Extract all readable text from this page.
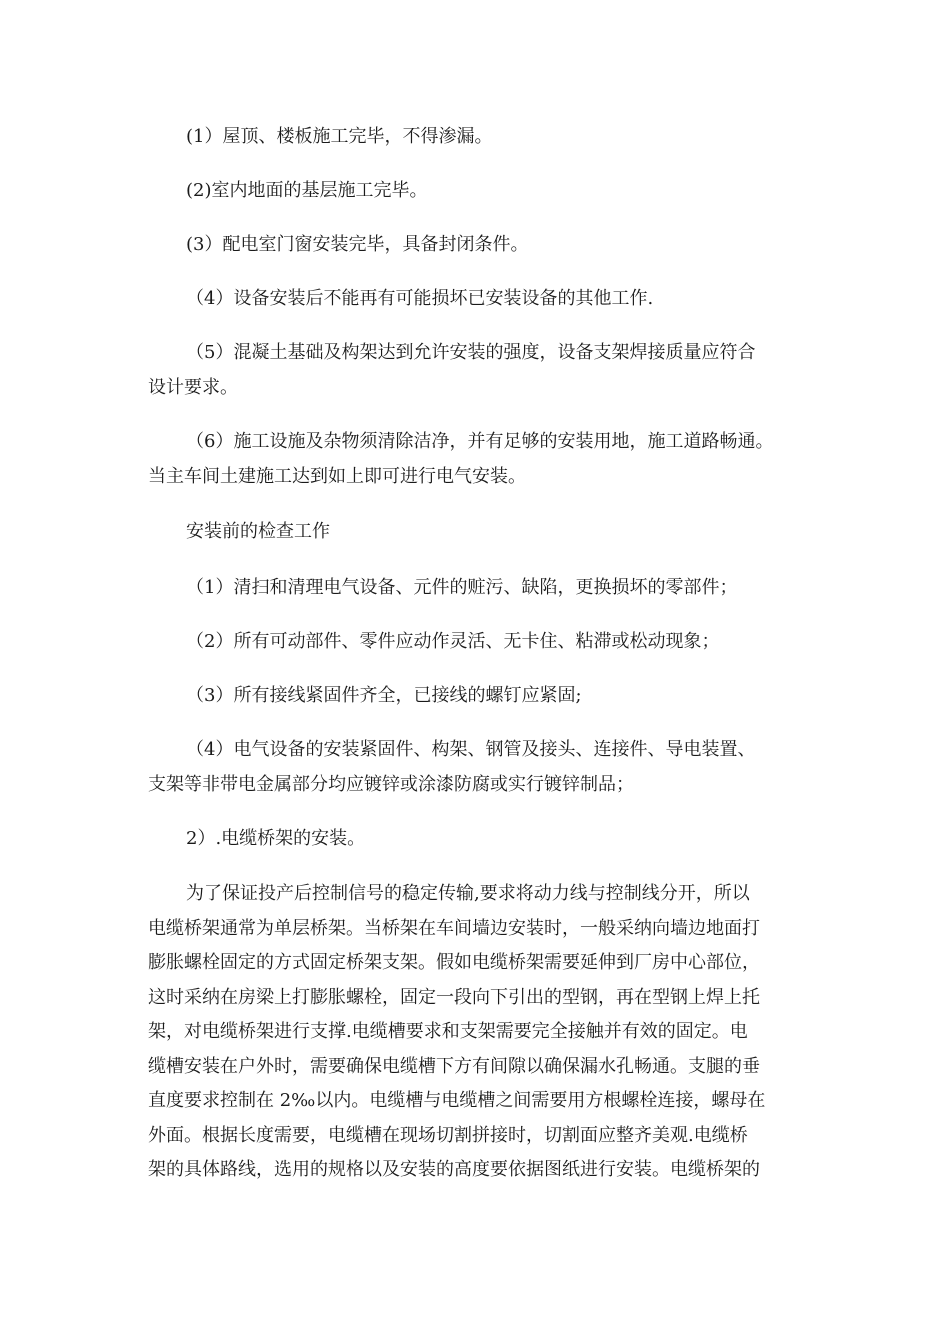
(1）屋顶、楼板施工完毕，不得渗漏。

(2)室内地面的基层施工完毕。

(3）配电室门窗安装完毕，具备封闭条件。

（4）设备安装后不能再有可能损坏已安装设备的其他工作.

（5）混凝土基础及构架达到允许安装的强度，设备支架焊接质量应符合
设计要求。

（6）施工设施及杂物须清除洁净，并有足够的安装用地，施工道路畅通。
当主车间土建施工达到如上即可进行电气安装。

安装前的检查工作

（1）清扫和清理电气设备、元件的赃污、缺陷，更换损坏的零部件；

（2）所有可动部件、零件应动作灵活、无卡住、粘滞或松动现象；

（3）所有接线紧固件齐全，已接线的螺钉应紧固;

（4）电气设备的安装紧固件、构架、钢管及接头、连接件、导电装置、
支架等非带电金属部分均应镀锌或涂漆防腐或实行镀锌制品；

2）.电缆桥架的安装。

为了保证投产后控制信号的稳定传输,要求将动力线与控制线分开，所以
电缆桥架通常为单层桥架。当桥架在车间墙边安装时，一般采纳向墙边地面打
膨胀螺栓固定的方式固定桥架支架。假如电缆桥架需要延伸到厂房中心部位，
这时采纳在房梁上打膨胀螺栓，固定一段向下引出的型钢，再在型钢上焊上托
架，对电缆桥架进行支撑.电缆槽要求和支架需要完全接触并有效的固定。电
缆槽安装在户外时，需要确保电缆槽下方有间隙以确保漏水孔畅通。支腿的垂
直度要求控制在 2‰以内。电缆槽与电缆槽之间需要用方根螺栓连接，螺母在
外面。根据长度需要，电缆槽在现场切割拼接时，切割面应整齐美观.电缆桥
架的具体路线，选用的规格以及安装的高度要依据图纸进行安装。电缆桥架的
